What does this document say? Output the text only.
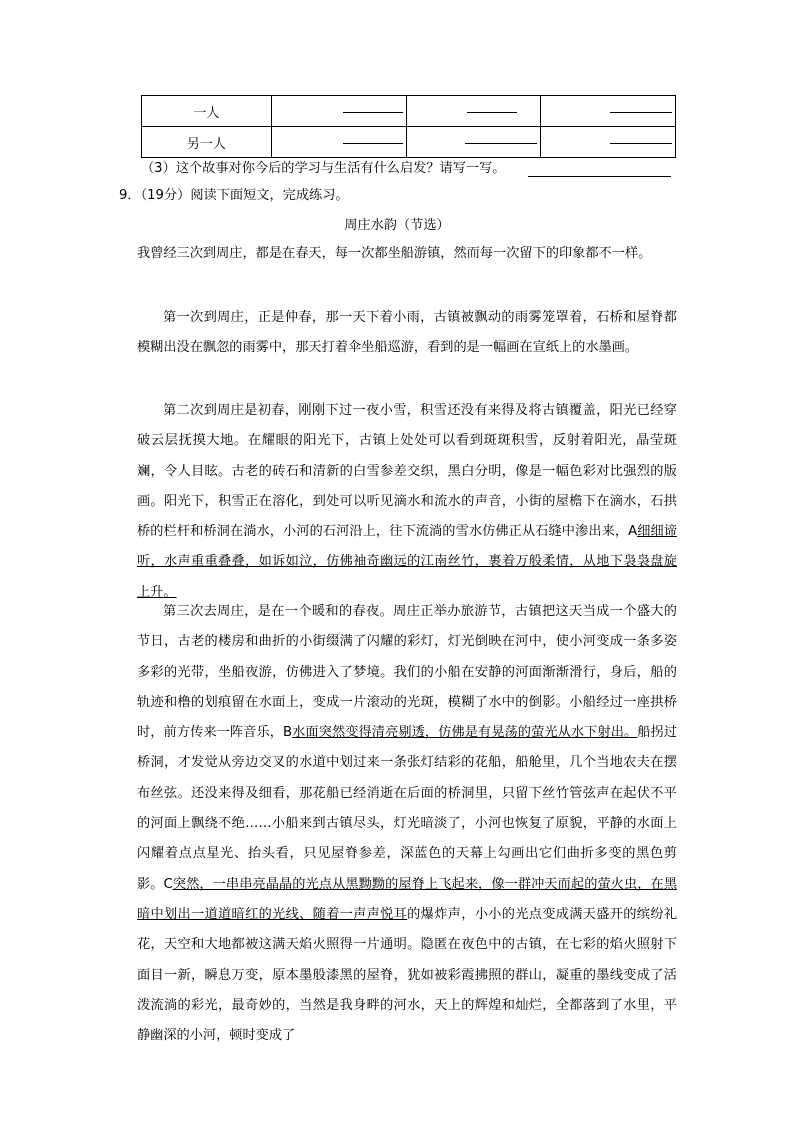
一人	

另一人	

（3）这个故事对你今后的学习与生活有什么启发？请写一写。
9．（19分）阅读下面短文，完成练习。
周庄水韵（节选）
我曾经三次到周庄，都是在春天，每一次都坐船游镇，然而每一次留下的印象都不一样。
第一次到周庄，正是仲春，那一天下着小雨，古镇被飘动的雨雾笼罩着，石桥和屋脊都模糊出没在飘忽的雨雾中，那天打着伞坐船巡游，看到的是一幅画在宣纸上的水墨画。
第二次到周庄是初春，刚刚下过一夜小雪，积雪还没有来得及将古镇覆盖，阳光已经穿破云层抚摸大地。在耀眼的阳光下，古镇上处处可以看到斑斑积雪，反射着阳光，晶莹斑斓，令人目眩。古老的砖石和清新的白雪参差交织，黑白分明，像是一幅色彩对比强烈的版画。阳光下，积雪正在溶化，到处可以听见滴水和流水的声音，小街的屋檐下在滴水，石拱桥的栏杆和桥洞在淌水，小河的石河沿上，往下流淌的雪水仿佛正从石缝中渗出来，A细细谛听，水声重重叠叠，如诉如泣，仿佛袖奇幽远的江南丝竹，裹着万般柔情，从地下袅袅盘旋上升。
第三次去周庄，是在一个暖和的春夜。周庄正举办旅游节，古镇把这天当成一个盛大的节日，古老的楼房和曲折的小街缀满了闪耀的彩灯，灯光倒映在河中，使小河变成一条多姿多彩的光带，坐船夜游，仿佛进入了梦境。我们的小船在安静的河面渐渐滑行，身后，船的轨迹和橹的划痕留在水面上，变成一片滚动的光斑，模糊了水中的倒影。小船经过一座拱桥时，前方传来一阵音乐，B水面突然变得清亮剔透，仿佛是有晃荡的萤光从水下射出。船拐过桥洞，才发觉从旁边交叉的水道中划过来一条张灯结彩的花船，船舱里，几个当地农夫在摆布丝弦。还没来得及细看，那花船已经消逝在后面的桥洞里，只留下丝竹管弦声在起伏不平的河面上飘绕不绝……小船来到古镇尽头，灯光暗淡了，小河也恢复了原貌，平静的水面上闪耀着点点星光、抬头看，只见屋脊参差，深蓝色的天幕上勾画出它们曲折多变的黑色剪影。C突然，一串串亮晶晶的光点从黑黝黝的屋脊上飞起来，像一群冲天而起的萤火虫，在黑暗中划出一道道暗红的光线、随着一声声悦耳的爆炸声，小小的光点变成满天盛开的缤纷礼花，天空和大地都被这满天焰火照得一片通明。隐匿在夜色中的古镇，在七彩的焰火照射下面目一新，瞬息万变，原本墨般漆黑的屋脊，犹如被彩霞拂照的群山，凝重的墨线变成了活泼流淌的彩光，最奇妙的，当然是我身畔的河水，天上的辉煌和灿烂，全都落到了水里，平静幽深的小河，顿时变成了
